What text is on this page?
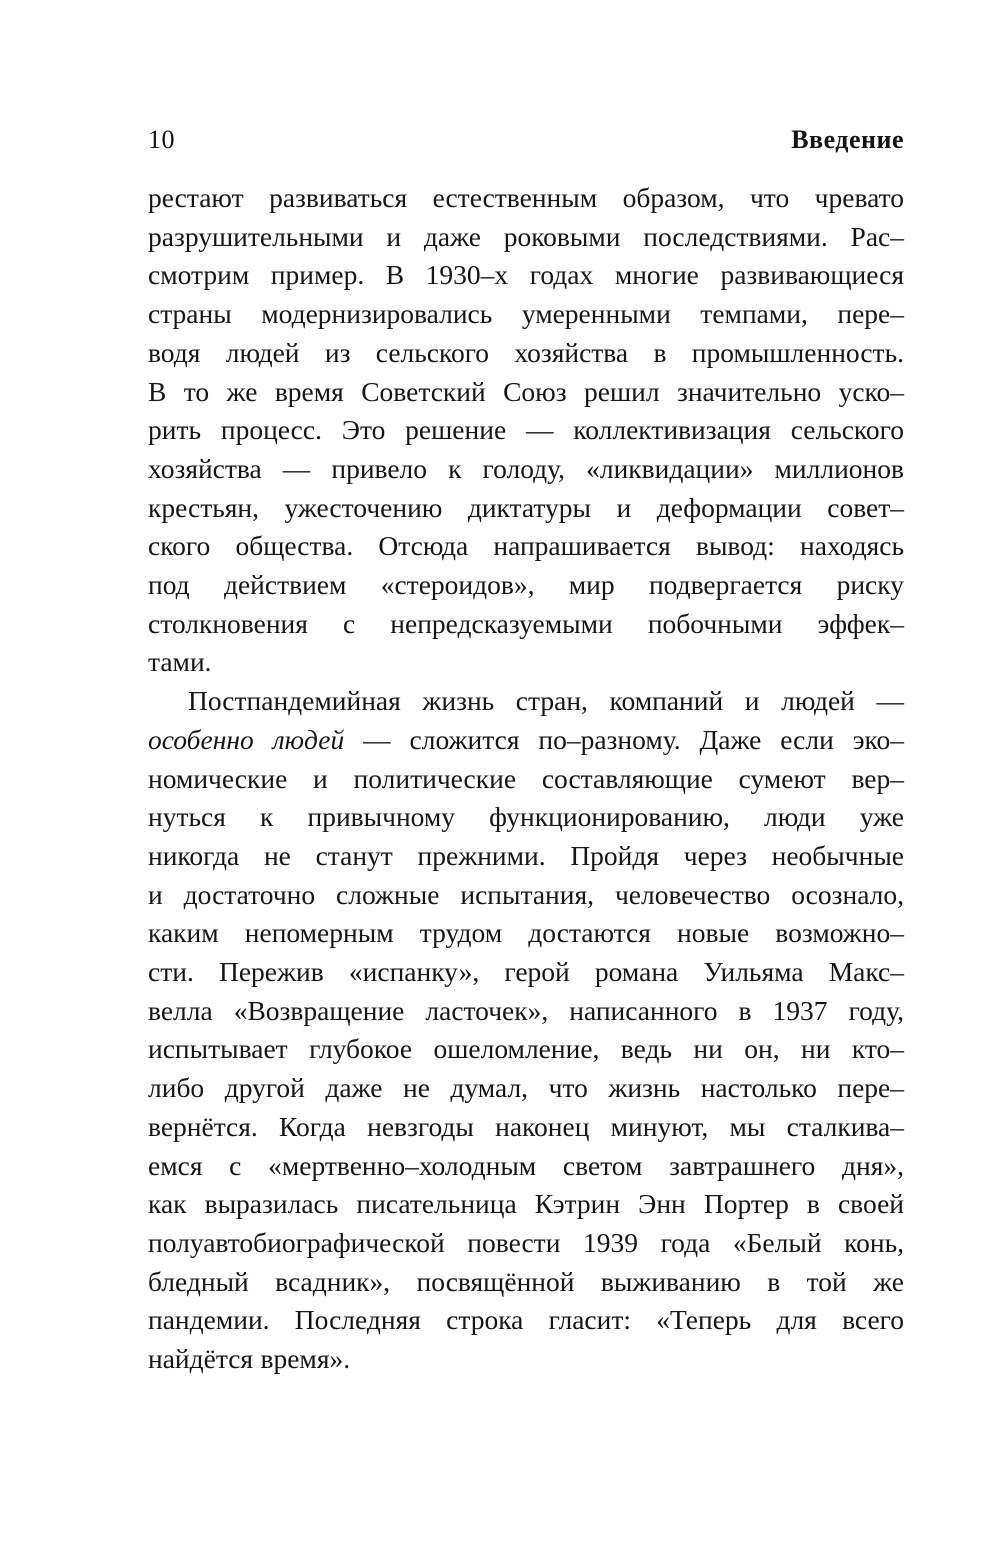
10	Введение
рестают развиваться естественным образом, что чревато
разрушительными и даже роковыми последствиями. Рас–
смотрим пример. В 1930–х годах многие развивающиеся
страны модернизировались умеренными темпами, пере–
водя людей из сельского хозяйства в промышленность.
В то же время Советский Союз решил значительно уско–
рить процесс. Это решение — коллективизация сельского
хозяйства — привело к голоду, «ликвидации» миллионов
крестьян, ужесточению диктатуры и деформации совет–
ского общества. Отсюда напрашивается вывод: находясь
под действием «стероидов», мир подвергается риску
столкновения с непредсказуемыми побочными эффек–
тами.
Постпандемийная жизнь стран, компаний и людей —
особенно людей — сложится по–разному. Даже если эко–
номические и политические составляющие сумеют вер–
нуться к привычному функционированию, люди уже
никогда не станут прежними. Пройдя через необычные
и достаточно сложные испытания, человечество осознало,
каким непомерным трудом достаются новые возможно–
сти. Пережив «испанку», герой романа Уильяма Макс–
велла «Возвращение ласточек», написанного в 1937 году,
испытывает глубокое ошеломление, ведь ни он, ни кто–
либо другой даже не думал, что жизнь настолько пере–
вернётся. Когда невзгоды наконец минуют, мы сталкива–
емся с «мертвенно–холодным светом завтрашнего дня»,
как выразилась писательница Кэтрин Энн Портер в своей
полуавтобиографической повести 1939 года «Белый конь,
бледный всадник», посвящённой выживанию в той же
пандемии. Последняя строка гласит: «Теперь для всего
найдётся время».
